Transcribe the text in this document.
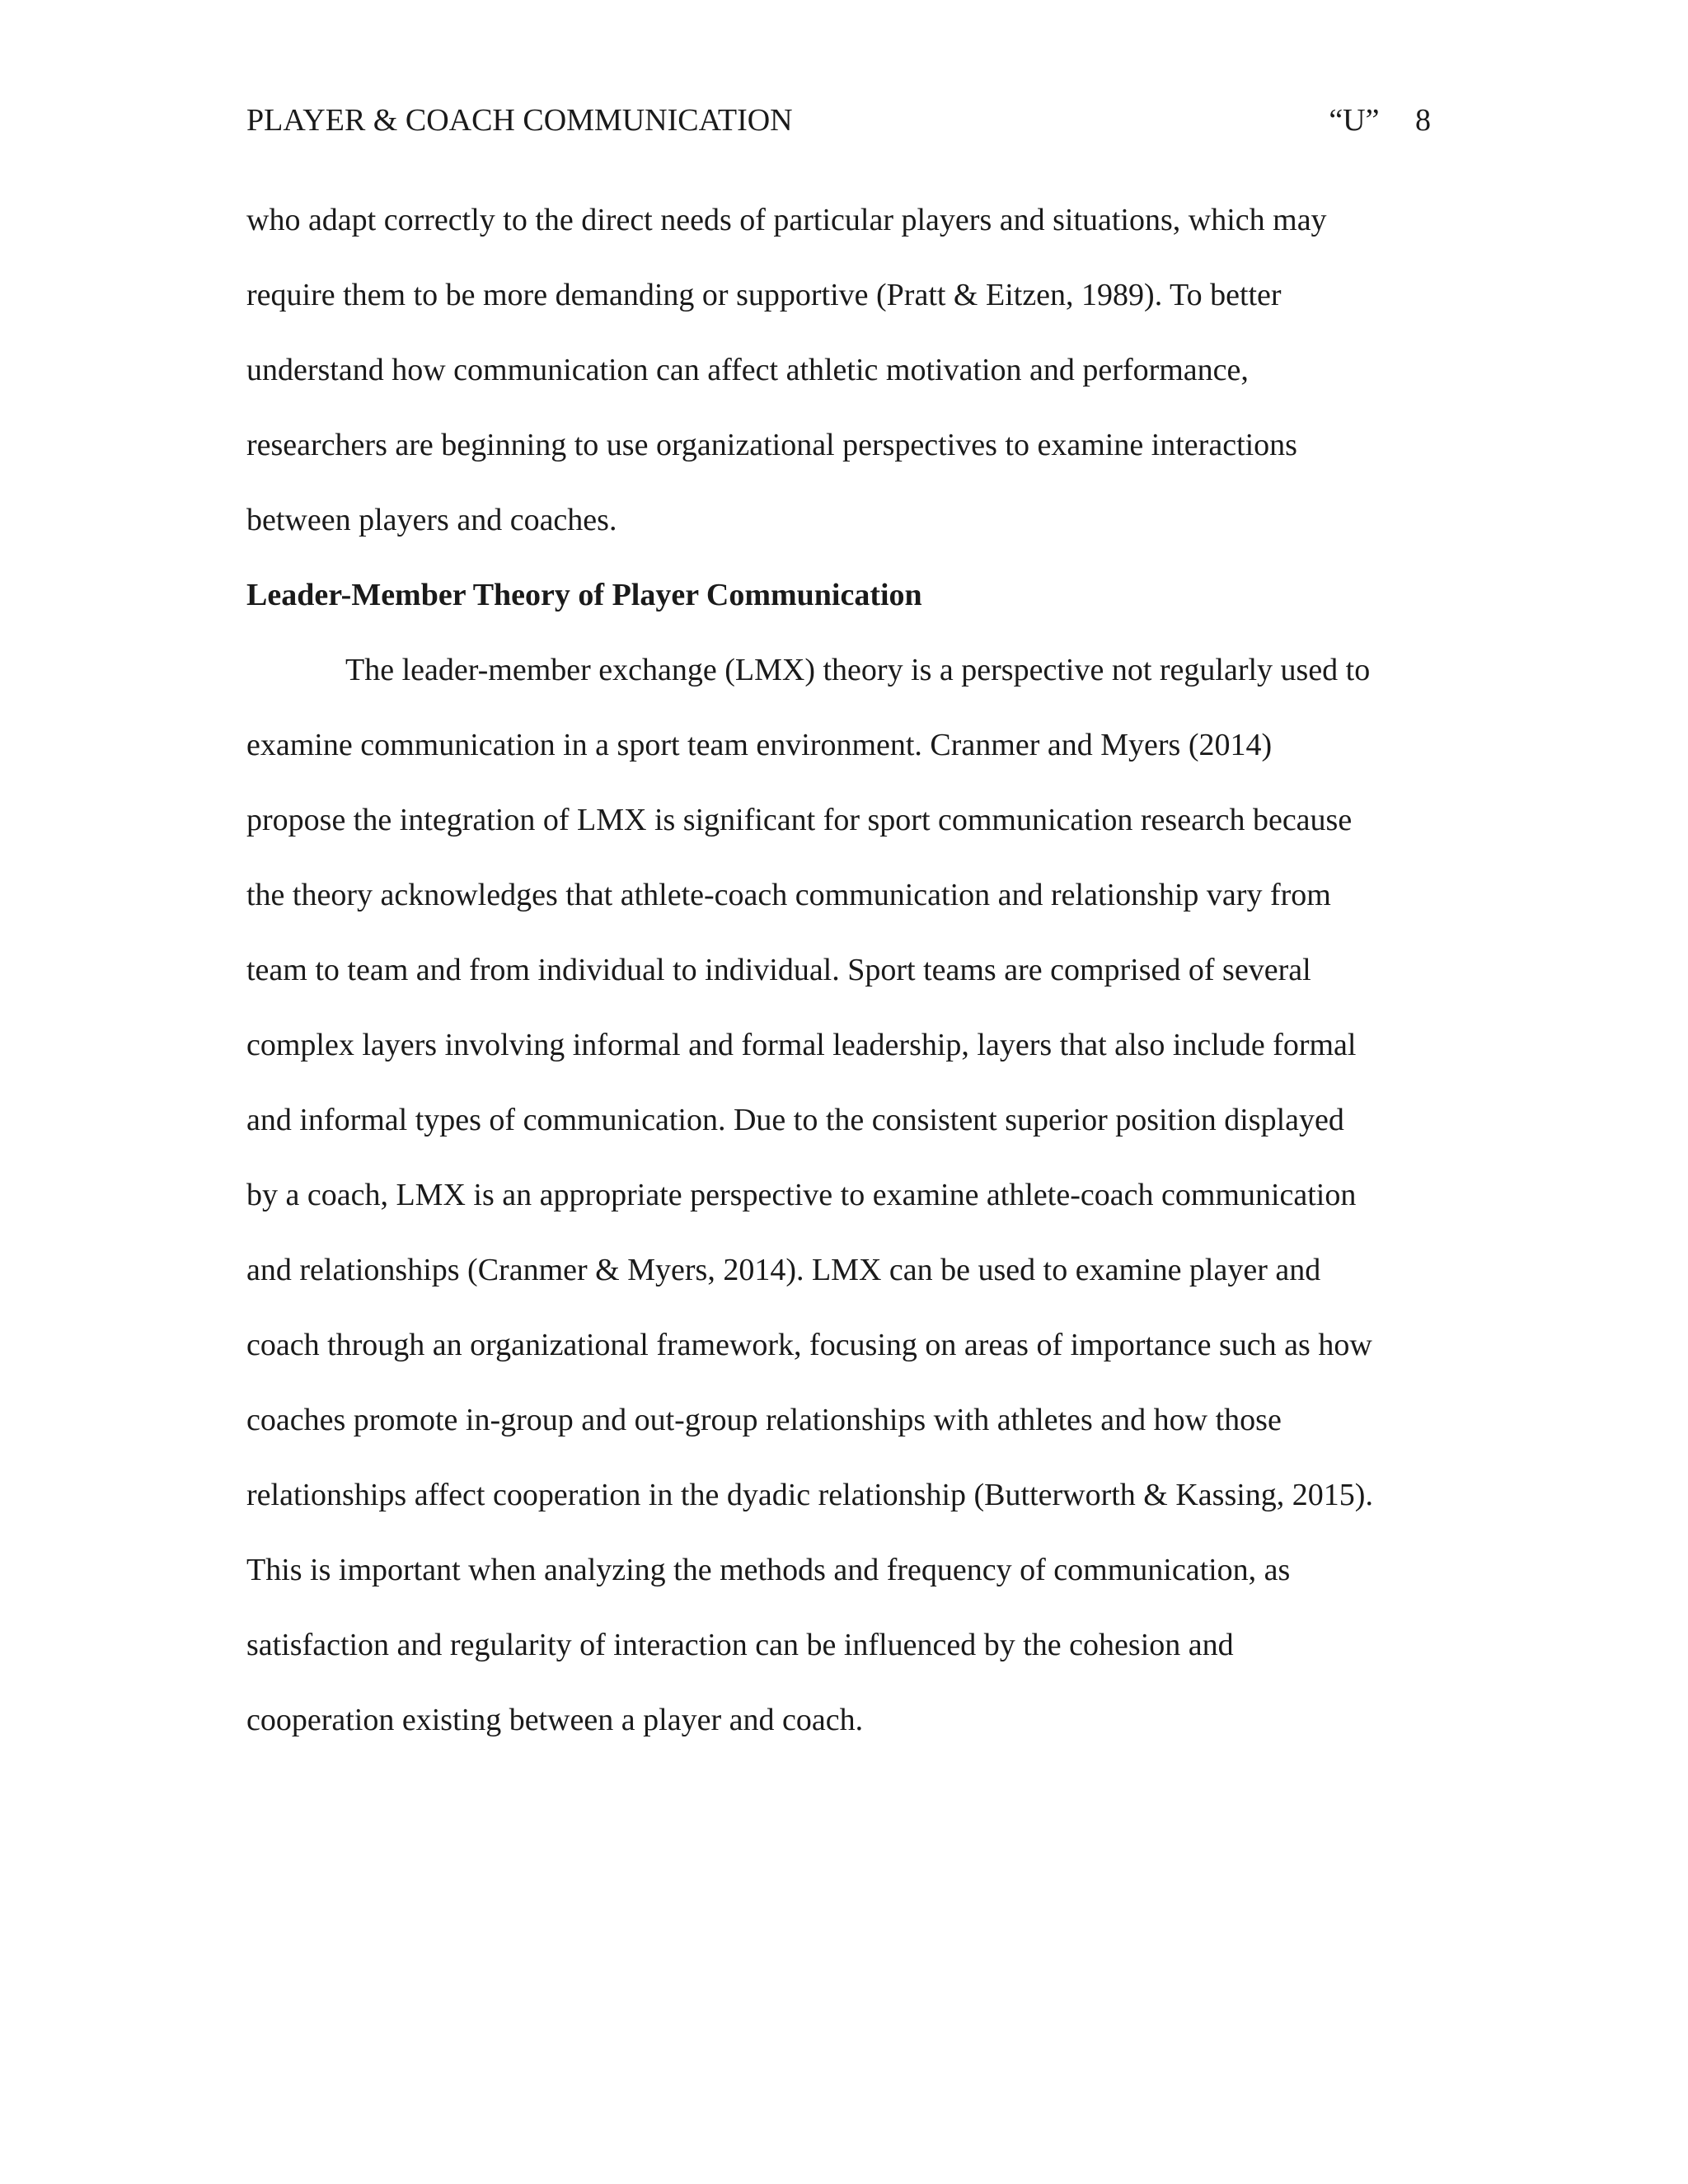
PLAYER & COACH COMMUNICATION	“U” 8
who adapt correctly to the direct needs of particular players and situations, which may
require them to be more demanding or supportive (Pratt & Eitzen, 1989). To better
understand how communication can affect athletic motivation and performance,
researchers are beginning to use organizational perspectives to examine interactions
between players and coaches.
Leader-Member Theory of Player Communication
The leader-member exchange (LMX) theory is a perspective not regularly used to
examine communication in a sport team environment. Cranmer and Myers (2014)
propose the integration of LMX is significant for sport communication research because
the theory acknowledges that athlete-coach communication and relationship vary from
team to team and from individual to individual. Sport teams are comprised of several
complex layers involving informal and formal leadership, layers that also include formal
and informal types of communication. Due to the consistent superior position displayed
by a coach, LMX is an appropriate perspective to examine athlete-coach communication
and relationships (Cranmer & Myers, 2014). LMX can be used to examine player and
coach through an organizational framework, focusing on areas of importance such as how
coaches promote in-group and out-group relationships with athletes and how those
relationships affect cooperation in the dyadic relationship (Butterworth & Kassing, 2015).
This is important when analyzing the methods and frequency of communication, as
satisfaction and regularity of interaction can be influenced by the cohesion and
cooperation existing between a player and coach.
